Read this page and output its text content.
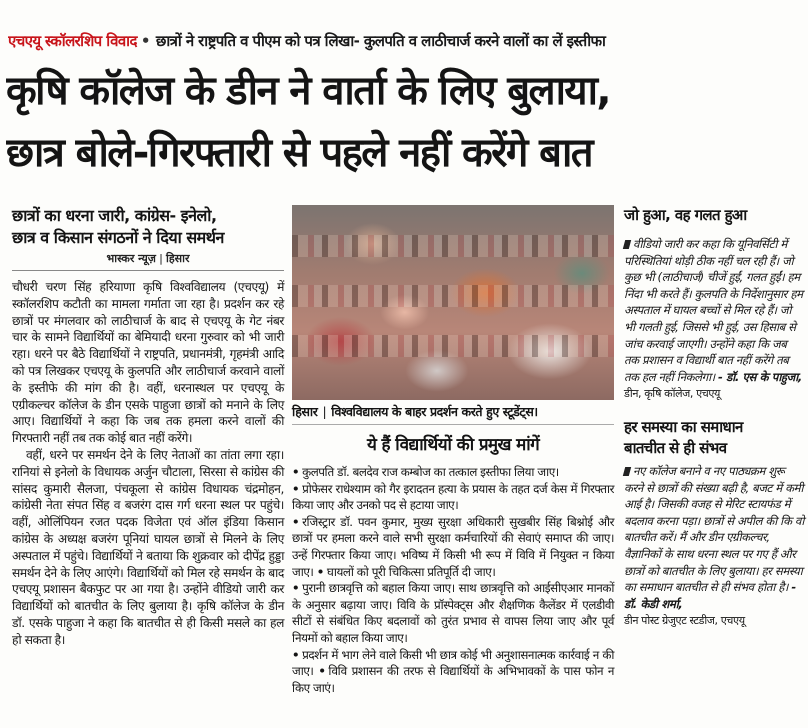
एचएयू स्कॉलरशिप विवाद • छात्रों ने राष्ट्रपति व पीएम को पत्र लिखा- कुलपति व लाठीचार्ज करने वालों का लें इस्तीफा
कृषि कॉलेज के डीन ने वार्ता के लिए बुलाया,
छात्र बोले-गिरफ्तारी से पहले नहीं करेंगे बात
छात्रों का धरना जारी, कांग्रेस- इनेलो,
छात्र व किसान संगठनों ने दिया समर्थन
भास्कर न्यूज़ | हिसार

चौधरी चरण सिंह हरियाणा कृषि विश्वविद्यालय (एचएयू) में स्कॉलरशिप कटौती का मामला गर्माता जा रहा है। प्रदर्शन कर रहे छात्रों पर मंगलवार को लाठीचार्ज के बाद से एचएयू के गेट नंबर चार के सामने विद्यार्थियों का बेमियादी धरना गुरुवार को भी जारी रहा। धरने पर बैठे विद्यार्थियों ने राष्ट्रपति, प्रधानमंत्री, गृहमंत्री आदि को पत्र लिखकर एचएयू के कुलपति और लाठीचार्ज करवाने वालों के इस्तीफे की मांग की है। वहीं, धरनास्थल पर एचएयू के एग्रीकल्चर कॉलेज के डीन एसके पाहुजा छात्रों को मनाने के लिए आए। विद्यार्थियों ने कहा कि जब तक हमला करने वालों की गिरफ्तारी नहीं तब तक कोई बात नहीं करेंगे।

वहीं, धरने पर समर्थन देने के लिए नेताओं का तांता लगा रहा। रानियां से इनेलो के विधायक अर्जुन चौटाला, सिरसा से कांग्रेस की सांसद कुमारी सैलजा, पंचकूला से कांग्रेस विधायक चंद्रमोहन, कांग्रेसी नेता संपत सिंह व बजरंग दास गर्ग धरना स्थल पर पहुंचे। वहीं, ओलिंपियन रजत पदक विजेता एवं ऑल इंडिया किसान कांग्रेस के अध्यक्ष बजरंग पूनियां घायल छात्रों से मिलने के लिए अस्पताल में पहुंचे। विद्यार्थियों ने बताया कि शुक्रवार को दीपेंद्र हुड्डा समर्थन देने के लिए आएंगे। विद्यार्थियों को मिल रहे समर्थन के बाद एचएयू प्रशासन बैकफुट पर आ गया है। उन्होंने वीडियो जारी कर विद्यार्थियों को बातचीत के लिए बुलाया है। कृषि कॉलेज के डीन डॉ. एसके पाहुजा ने कहा कि बातचीत से ही किसी मसले का हल हो सकता है।

हिसार | विश्वविद्यालय के बाहर प्रदर्शन करते हुए स्टूडेंट्स।
ये हैं विद्यार्थियों की प्रमुख मांगें

• कुलपति डॉ. बलदेव राज कम्बोज का तत्काल इस्तीफा लिया जाए।

• प्रोफेसर राधेश्याम को गैर इरादतन हत्या के प्रयास के तहत दर्ज केस में गिरफ्तार किया जाए और उनको पद से हटाया जाए।

• रजिस्ट्रार डॉ. पवन कुमार, मुख्य सुरक्षा अधिकारी सुखबीर सिंह बिश्नोई और छात्रों पर हमला करने वाले सभी सुरक्षा कर्मचारियों की सेवाएं समाप्त की जाए। उन्हें गिरफ्तार किया जाए। भविष्य में किसी भी रूप में विवि में नियुक्त न किया जाए। • घायलों को पूरी चिकित्सा प्रतिपूर्ति दी जाए।

• पुरानी छात्रवृत्ति को बहाल किया जाए। साथ छात्रवृत्ति को आईसीएआर मानकों के अनुसार बढ़ाया जाए। विवि के प्रॉस्पेक्ट्स और शैक्षणिक कैलेंडर में एलडीवी सीटों से संबंधित किए बदलावों को तुरंत प्रभाव से वापस लिया जाए और पूर्व नियमों को बहाल किया जाए।

• प्रदर्शन में भाग लेने वाले किसी भी छात्र कोई भी अनुशासनात्मक कार्रवाई न की जाए। • विवि प्रशासन की तरफ से विद्यार्थियों के अभिभावकों के पास फोन न किए जाएं।

जो हुआ, वह गलत हुआ
वीडियो जारी कर कहा कि यूनिवर्सिटी में परिस्थितियां थोड़ी ठीक नहीं चल रही हैं। जो कुछ भी (लाठीचार्ज) चीजें हुईं, गलत हुईं। हम निंदा भी करते हैं। कुलपति के निर्देशानुसार हम अस्पताल में घायल बच्चों से मिल रहे हैं। जो भी गलती हुई, जिससे भी हुई, उस हिसाब से जांच करवाई जाएगी। उन्होंने कहा कि जब तक प्रशासन व विद्यार्थी बात नहीं करेंगे तब तक हल नहीं निकलेगा। - डॉ. एस के पाहुजा,
डीन, कृषि कॉलेज, एचएयू
हर समस्या का समाधान
बातचीत से ही संभव
नए कॉलेज बनाने व नए पाठ्यक्रम शुरू करने से छात्रों की संख्या बढ़ी है, बजट में कमी आई है। जिसकी वजह से मेरिट स्टायफंड में बदलाव करना पड़ा। छात्रों से अपील की कि वो बातचीत करें। मैं और डीन एग्रीकल्चर, वैज्ञानिकों के साथ धरना स्थल पर गए हैं और छात्रों को बातचीत के लिए बुलाया। हर समस्या का समाधान बातचीत से ही संभव होता है। - डॉ. केडी शर्मा,
डीन पोस्ट ग्रेजुएट स्टडीज, एचएयू
